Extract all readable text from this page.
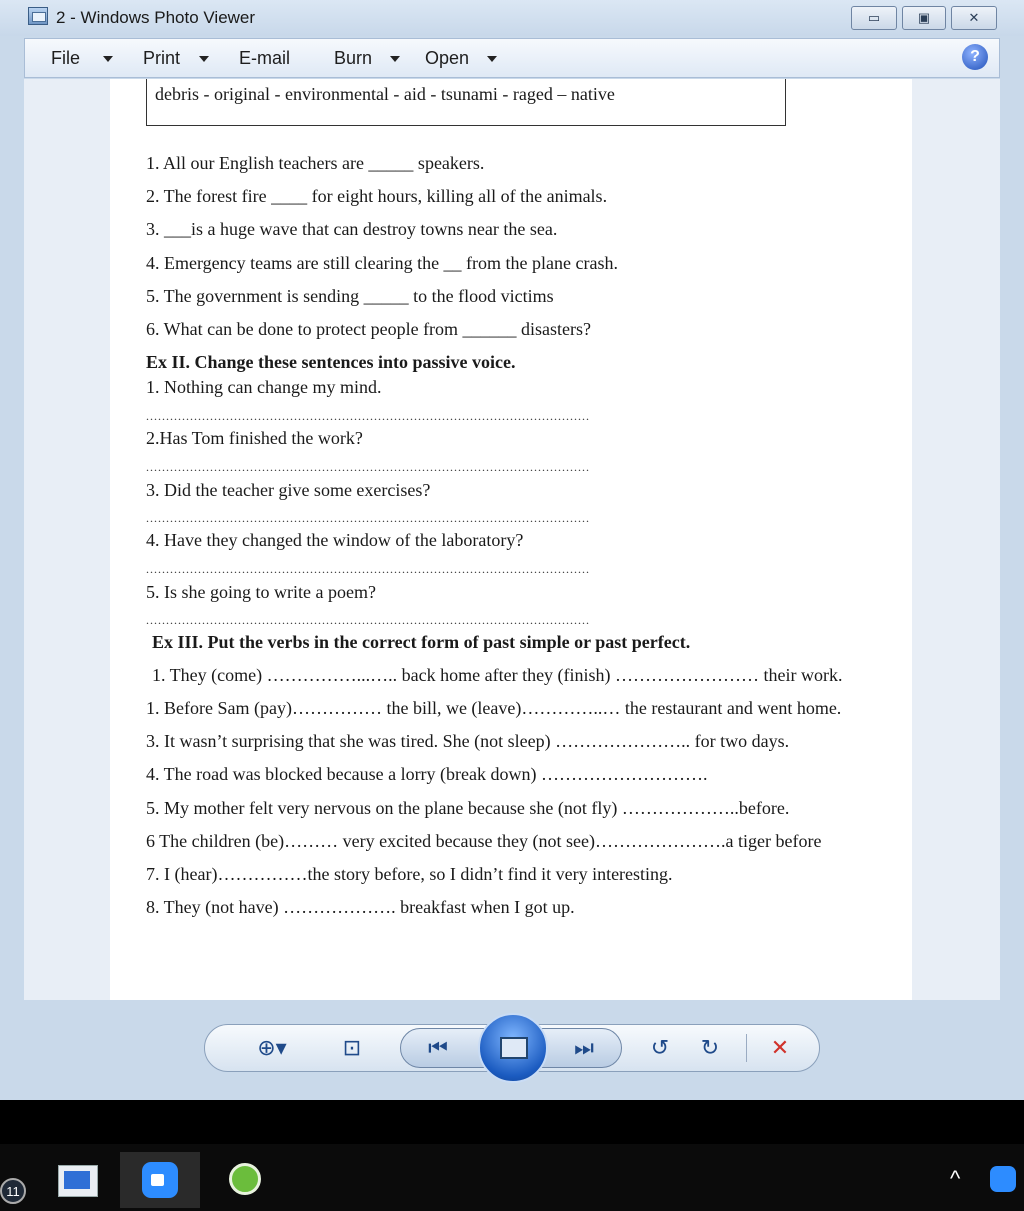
2 - Windows Photo Viewer	▭	▣	✕
File	Print	E-mail Burn	Open	?
debris - original - environmental - aid - tsunami - raged – native
1. All our English teachers are _____ speakers.
2. The forest fire ____ for eight hours, killing all of the animals.
3. ___is a huge wave that can destroy towns near the sea.
4. Emergency teams are still clearing the __ from the plane crash.
5. The government is sending _____ to the flood victims
6. What can be done to protect people from ______ disasters?
Ex II. Change these sentences into passive voice.
1. Nothing can change my mind.
...............................................................................................................
2.Has Tom finished the work?
...............................................................................................................
3. Did the teacher give some exercises?
...............................................................................................................
4. Have they changed the window of the laboratory?
...............................................................................................................
5. Is she going to write a poem?
...............................................................................................................
Ex III. Put the verbs in the correct form of past simple or past perfect.
1. They (come) ……………...….. back home after they (finish) …………………… their work.
1. Before Sam (pay)…………… the bill, we (leave)…………..… the restaurant and went home.
3. It wasn’t surprising that she was tired. She (not sleep) ………………….. for two days.
4. The road was blocked because a lorry (break down) ……………………….
5. My mother felt very nervous on the plane because she (not fly) ………………..before.
6 The children (be)……… very excited because they (not see)………………….a tiger before
7. I (hear)……………the story before, so I didn’t find it very interesting.
8. They (not have) ………………. breakfast when I got up.
⊕▾	⊡	⏮	⏭	↺	↻	✕
11
^
